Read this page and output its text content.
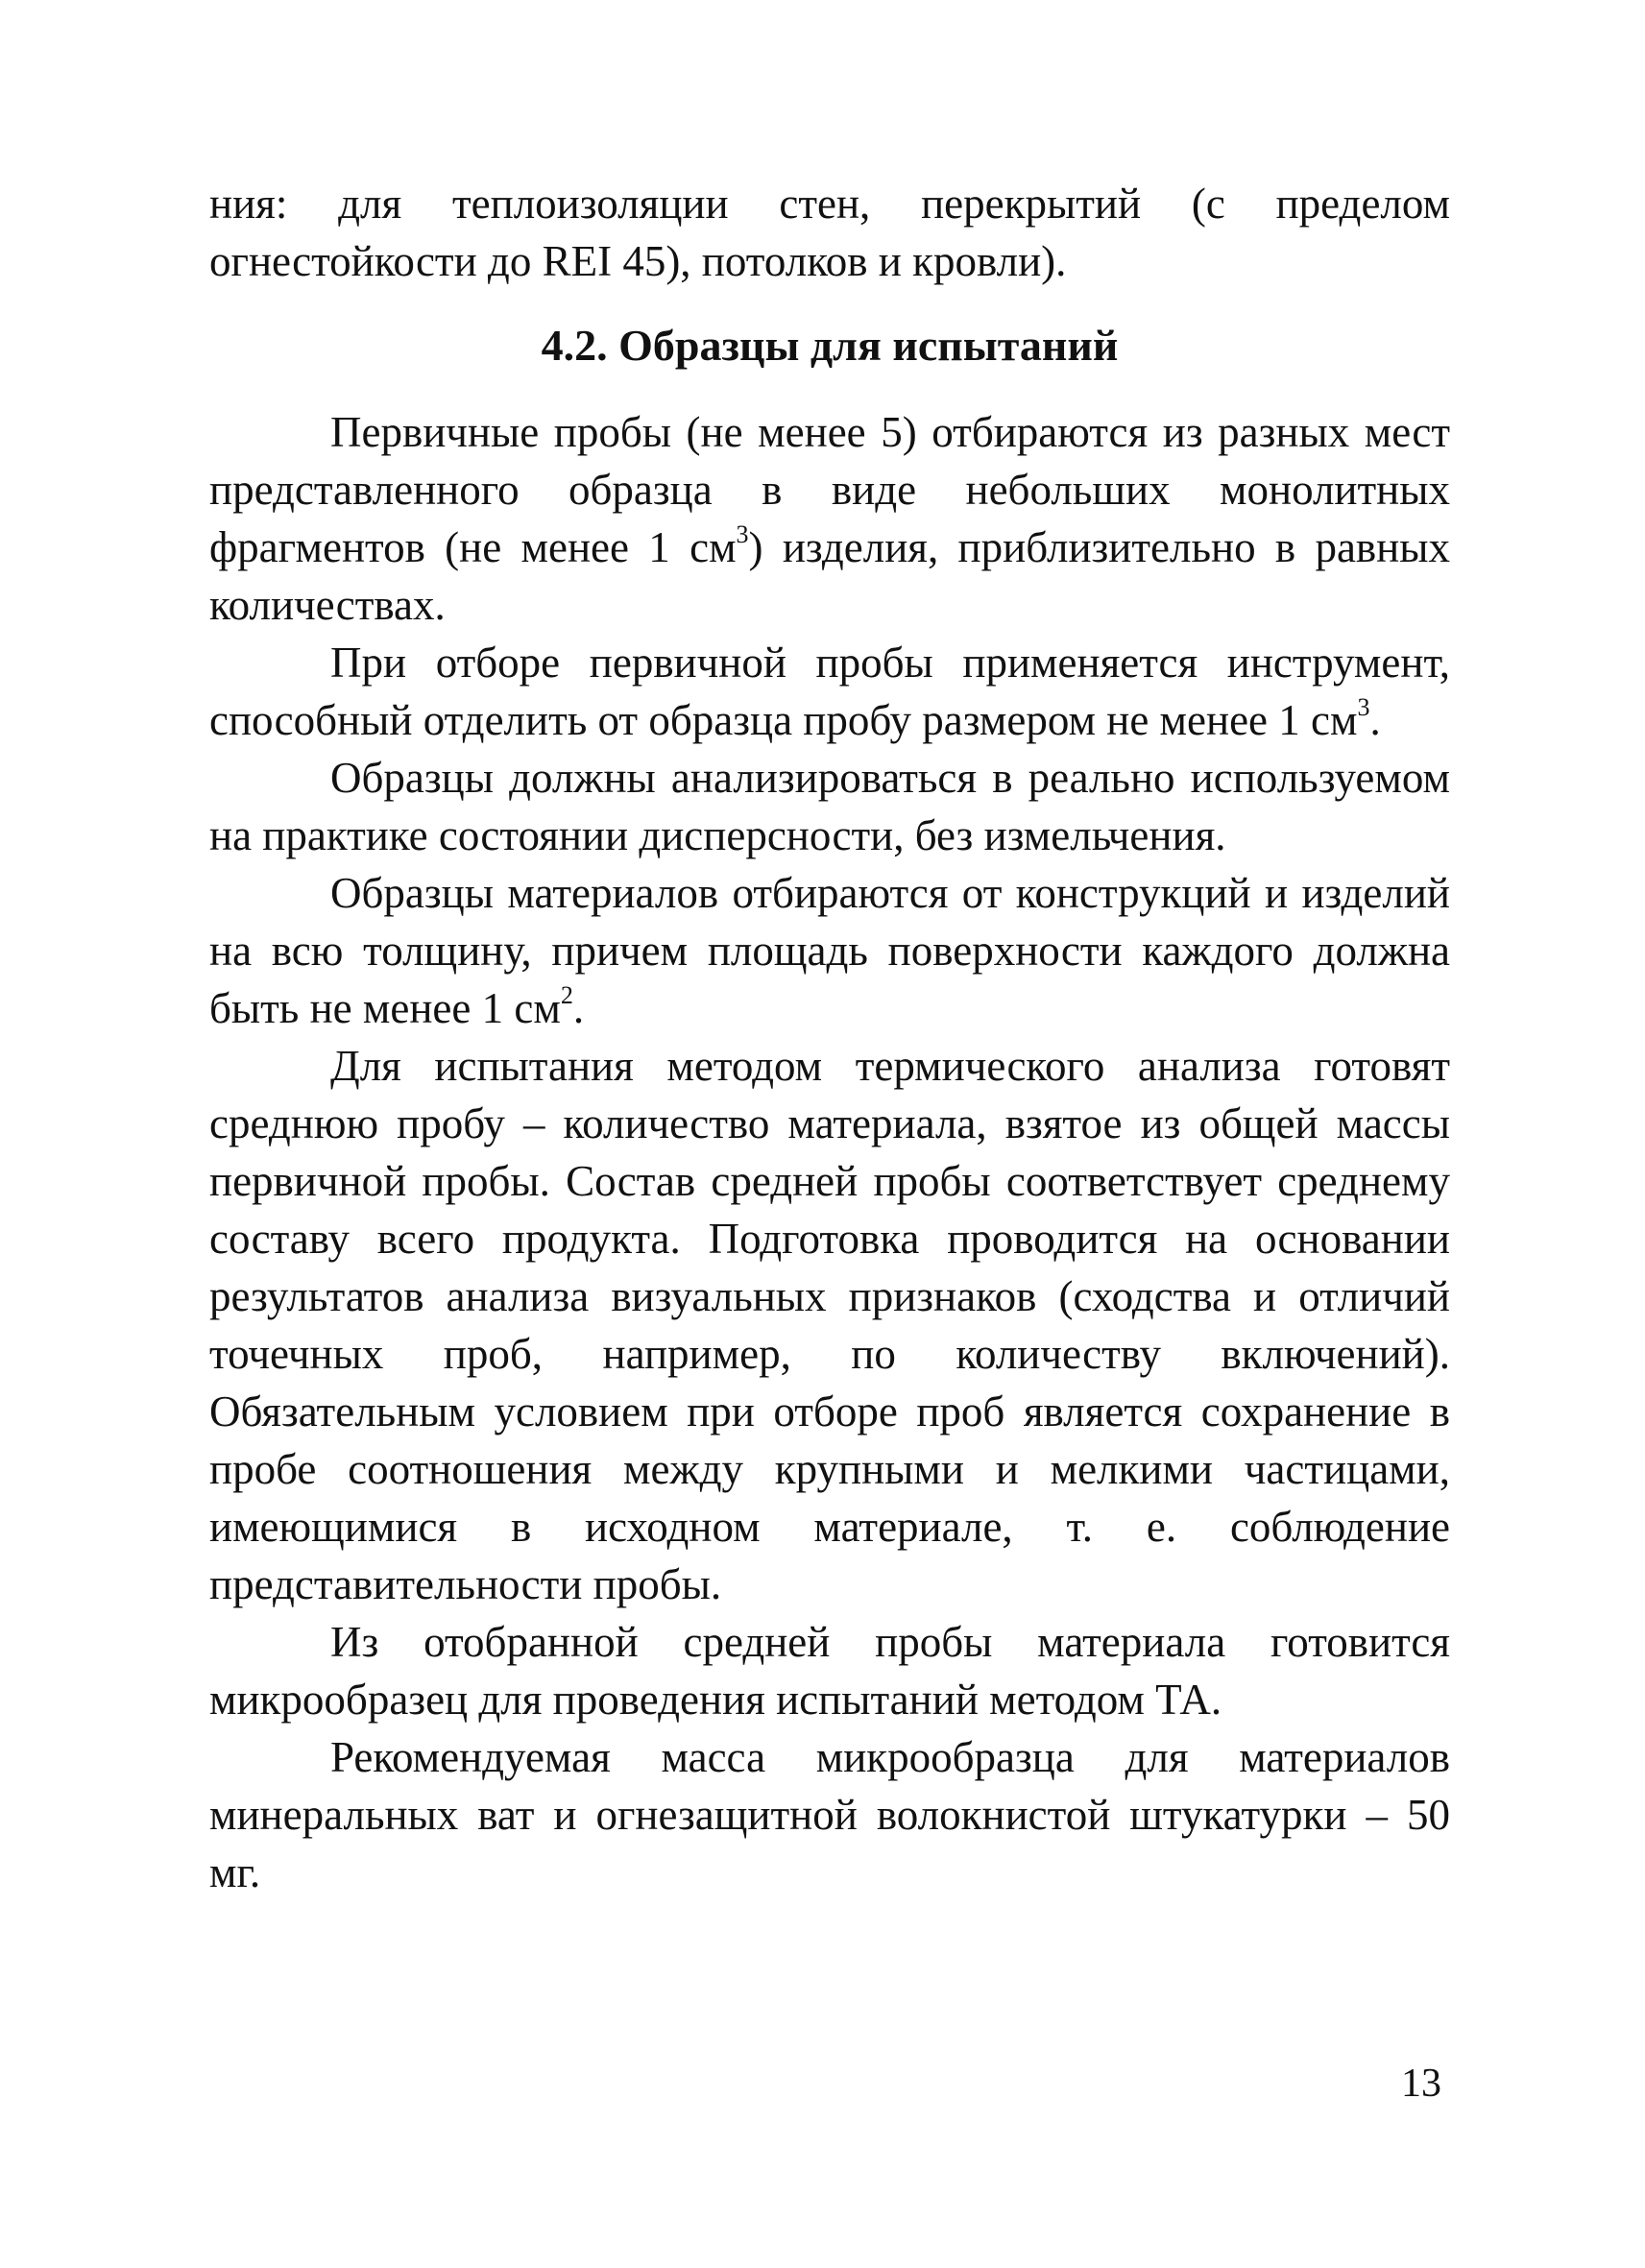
ния: для теплоизоляции стен, перекрытий (с пределом огнестойкости до REI 45), потолков и кровли).

4.2. Образцы для испытаний

Первичные пробы (не менее 5) отбираются из разных мест представленного образца в виде небольших монолитных фрагментов (не менее 1 $см^3$) изделия, приблизительно в равных количествах.

При отборе первичной пробы применяется инструмент, способный отделить от образца пробу размером не менее 1 $см^3$.

Образцы должны анализироваться в реально используемом на практике состоянии дисперсности, без измельчения.

Образцы материалов отбираются от конструкций и изделий на всю толщину, причем площадь поверхности каждого должна быть не менее 1 $см^2$.

Для испытания методом термического анализа готовят среднюю пробу – количество материала, взятое из общей массы первичной пробы. Состав средней пробы соответствует среднему составу всего продукта. Подготовка проводится на основании результатов анализа визуальных признаков (сходства и отличий точечных проб, например, по количеству включений). Обязательным условием при отборе проб является сохранение в пробе соотношения между крупными и мелкими частицами, имеющимися в исходном материале, т. е. соблюдение представительности пробы.

Из отобранной средней пробы материала готовится микрообразец для проведения испытаний методом ТА.

Рекомендуемая масса микрообразца для материалов минеральных ват и огнезащитной волокнистой штукатурки – 50 мг.

13
